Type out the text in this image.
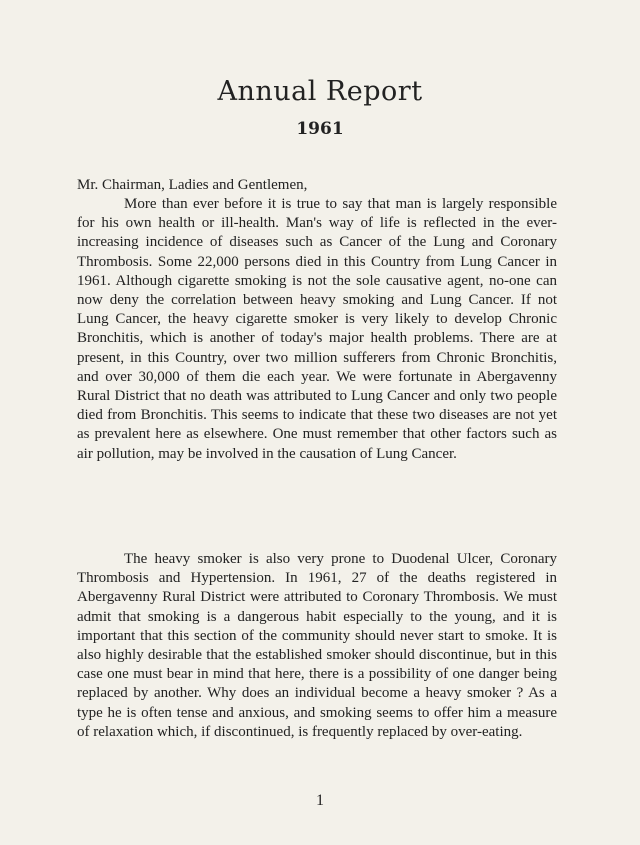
Annual Report
1961

Mr. Chairman, Ladies and Gentlemen,

More than ever before it is true to say that man is largely responsible for his own health or ill-health. Man's way of life is reflected in the ever-increasing incidence of diseases such as Cancer of the Lung and Coronary Thrombosis. Some 22,000 persons died in this Country from Lung Cancer in 1961. Although cigarette smoking is not the sole causative agent, no-one can now deny the correlation between heavy smoking and Lung Cancer. If not Lung Cancer, the heavy cigarette smoker is very likely to develop Chronic Bronchitis, which is another of today's major health problems. There are at present, in this Country, over two million sufferers from Chronic Bronchitis, and over 30,000 of them die each year. We were fortunate in Abergavenny Rural District that no death was attributed to Lung Cancer and only two people died from Bronchitis. This seems to indicate that these two diseases are not yet as prevalent here as elsewhere. One must remember that other factors such as air pollution, may be involved in the causation of Lung Cancer.

The heavy smoker is also very prone to Duodenal Ulcer, Coronary Thrombosis and Hypertension. In 1961, 27 of the deaths registered in Abergavenny Rural District were attributed to Coronary Thrombosis. We must admit that smoking is a dangerous habit especially to the young, and it is important that this section of the community should never start to smoke. It is also highly desirable that the established smoker should discontinue, but in this case one must bear in mind that here, there is a possibility of one danger being replaced by another. Why does an individual become a heavy smoker ? As a type he is often tense and anxious, and smoking seems to offer him a measure of relaxation which, if discontinued, is frequently replaced by over-eating.

1
